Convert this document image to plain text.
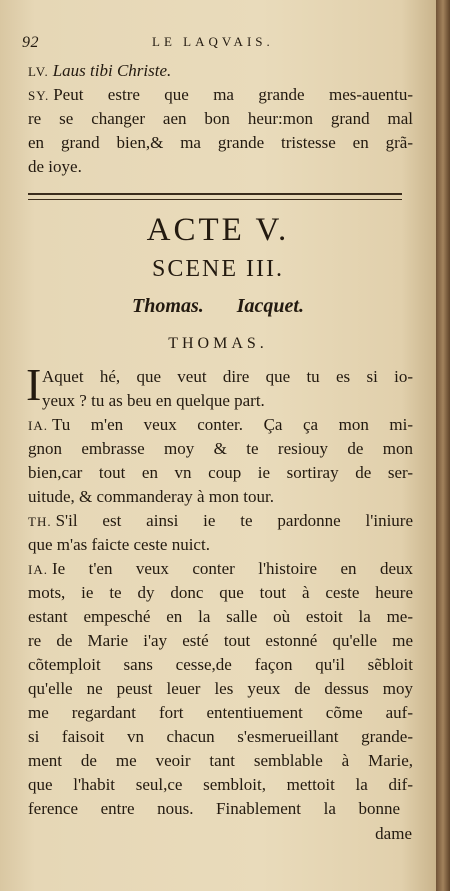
92	LE LAQVAIS.
LV. Laus tibi Christe.
SY. Peut estre que ma grande mes-auentu-
re se changer aen bon heur:mon grand mal
en grand bien,& ma grande tristesse en grã-
de ioye.
ACTE V.
SCENE III.
Thomas. Iacquet.
THOMAS.
I Aquet hé, que veut dire que tu es si io-
yeux ? tu as beu en quelque part.
IA. Tu m'en veux conter. Ça ça mon mi-
gnon embrasse moy & te resiouy de mon
bien,car tout en vn coup ie sortiray de ser-
uitude, & commanderay à mon tour.
TH. S'il est ainsi ie te pardonne l'iniure
que m'as faicte ceste nuict.
IA. Ie t'en veux conter l'histoire en deux
mots, ie te dy donc que tout à ceste heure
estant empesché en la salle où estoit la me-
re de Marie i'ay esté tout estonné qu'elle me
cõtemploit sans cesse,de façon qu'il sẽbloit
qu'elle ne peust leuer les yeux de dessus moy
me regardant fort ententiuement cõme auf-
si faisoit vn chacun s'esmerueillant grande-
ment de me veoir tant semblable à Marie,
que l'habit seul,ce sembloit, mettoit la dif-
ference entre nous. Finablement la bonne
dame
